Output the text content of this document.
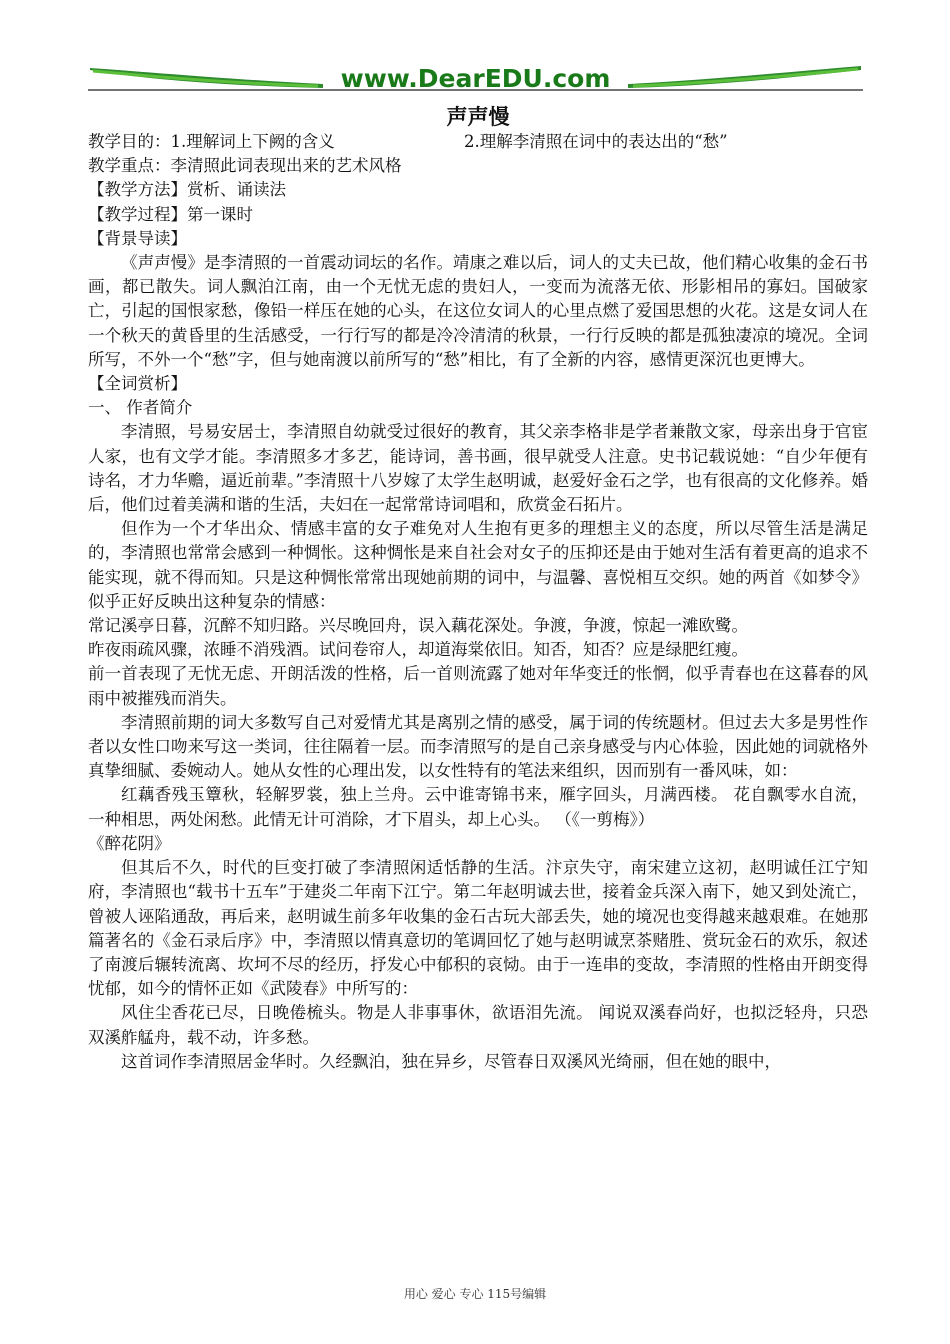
www.DearEDU.com
声声慢
教学目的：1.理解词上下阙的含义	2.理解李清照在词中的表达出的“愁”

教学重点：李清照此词表现出来的艺术风格

【教学方法】赏析、诵读法

【教学过程】第一课时

【背景导读】

《声声慢》是李清照的一首震动词坛的名作。靖康之难以后，词人的丈夫已故，他们精心收集的金石书画，都已散失。词人飘泊江南，由一个无忧无虑的贵妇人，一变而为流落无依、形影相吊的寡妇。国破家亡，引起的国恨家愁，像铅一样压在她的心头，在这位女词人的心里点燃了爱国思想的火花。这是女词人在一个秋天的黄昏里的生活感受，一行行写的都是冷冷清清的秋景，一行行反映的都是孤独凄凉的境况。全词所写，不外一个“愁”字，但与她南渡以前所写的“愁”相比，有了全新的内容，感情更深沉也更博大。

【全词赏析】

一、 作者简介

李清照，号易安居士，李清照自幼就受过很好的教育，其父亲李格非是学者兼散文家，母亲出身于官宦人家，也有文学才能。李清照多才多艺，能诗词，善书画，很早就受人注意。史书记载说她：“自少年便有诗名，才力华赡，逼近前辈。”李清照十八岁嫁了太学生赵明诚，赵爱好金石之学，也有很高的文化修养。婚后，他们过着美满和谐的生活，夫妇在一起常常诗词唱和，欣赏金石拓片。

但作为一个才华出众、情感丰富的女子难免对人生抱有更多的理想主义的态度，所以尽管生活是满足的，李清照也常常会感到一种惆怅。这种惆怅是来自社会对女子的压抑还是由于她对生活有着更高的追求不能实现，就不得而知。只是这种惆怅常常出现她前期的词中，与温馨、喜悦相互交织。她的两首《如梦令》似乎正好反映出这种复杂的情感：

常记溪亭日暮，沉醉不知归路。兴尽晚回舟，误入藕花深处。争渡，争渡，惊起一滩欧鹭。

昨夜雨疏风骤，浓睡不消残酒。试问卷帘人，却道海棠依旧。知否，知否？应是绿肥红瘦。

前一首表现了无忧无虑、开朗活泼的性格，后一首则流露了她对年华变迁的怅惘，似乎青春也在这暮春的风雨中被摧残而消失。

李清照前期的词大多数写自己对爱情尤其是离别之情的感受，属于词的传统题材。但过去大多是男性作者以女性口吻来写这一类词，往往隔着一层。而李清照写的是自己亲身感受与内心体验，因此她的词就格外真挚细腻、委婉动人。她从女性的心理出发，以女性特有的笔法来组织，因而别有一番风味，如：

红藕香残玉簟秋，轻解罗裳，独上兰舟。云中谁寄锦书来，雁字回头，月满西楼。 花自飘零水自流，一种相思，两处闲愁。此情无计可消除，才下眉头，却上心头。 （《一剪梅》）

《醉花阴》

但其后不久，时代的巨变打破了李清照闲适恬静的生活。汴京失守，南宋建立这初，赵明诚任江宁知府，李清照也“载书十五车”于建炎二年南下江宁。第二年赵明诚去世，接着金兵深入南下，她又到处流亡，曾被人诬陷通敌，再后来，赵明诚生前多年收集的金石古玩大部丢失，她的境况也变得越来越艰难。在她那篇著名的《金石录后序》中，李清照以情真意切的笔调回忆了她与赵明诚烹茶赌胜、赏玩金石的欢乐，叙述了南渡后辗转流离、坎坷不尽的经历，抒发心中郁积的哀恸。由于一连串的变故，李清照的性格由开朗变得忧郁，如今的情怀正如《武陵春》中所写的：

风住尘香花已尽，日晚倦梳头。物是人非事事休，欲语泪先流。 闻说双溪春尚好，也拟泛轻舟，只恐双溪舴艋舟，载不动，许多愁。

这首词作李清照居金华时。久经飘泊，独在异乡，尽管春日双溪风光绮丽，但在她的眼中，

用心 爱心 专心 115号编辑
